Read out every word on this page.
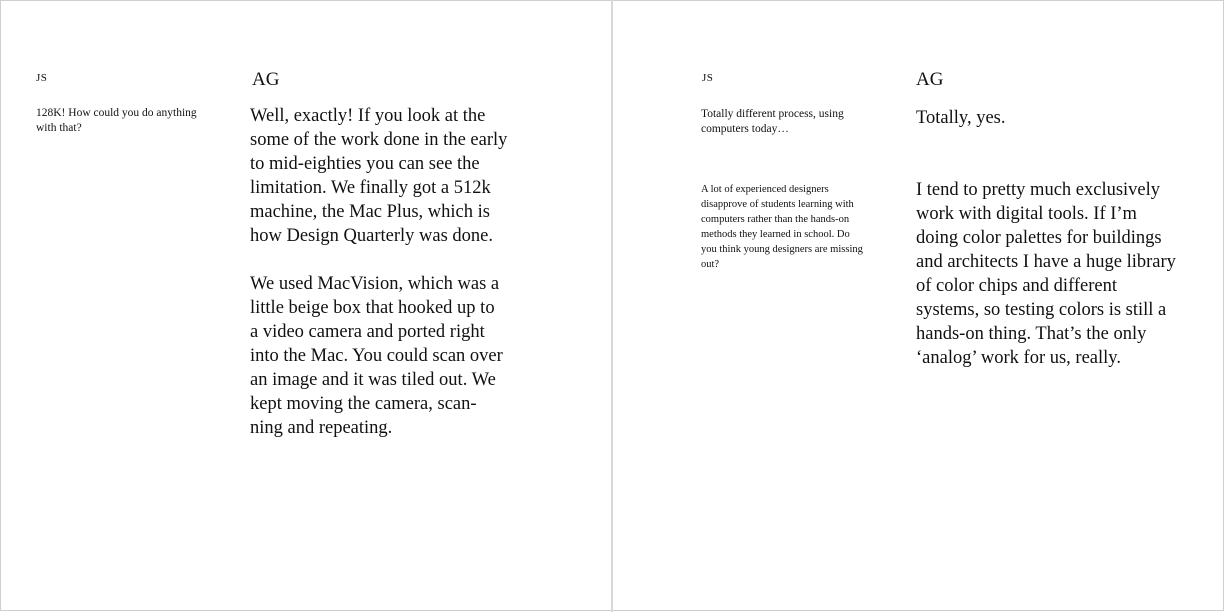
JS	AG
128K! How could you do anything
with that?
Well, exactly! If you look at the
some of the work done in the early
to mid-eighties you can see the
limitation. We finally got a 512k
machine, the Mac Plus, which is
how Design Quarterly was done.
We used MacVision, which was a
little beige box that hooked up to
a video camera and ported right
into the Mac. You could scan over
an image and it was tiled out. We
kept moving the camera, scan-
ning and repeating.
JS	AG
Totally different process, using
computers today…
Totally, yes.
A lot of experienced designers
disapprove of students learning with
computers rather than the hands-on
methods they learned in school. Do
you think young designers are missing
out?
I tend to pretty much exclusively
work with digital tools. If I’m
doing color palettes for buildings
and architects I have a huge library
of color chips and different
systems, so testing colors is still a
hands-on thing. That’s the only
‘analog’ work for us, really.
